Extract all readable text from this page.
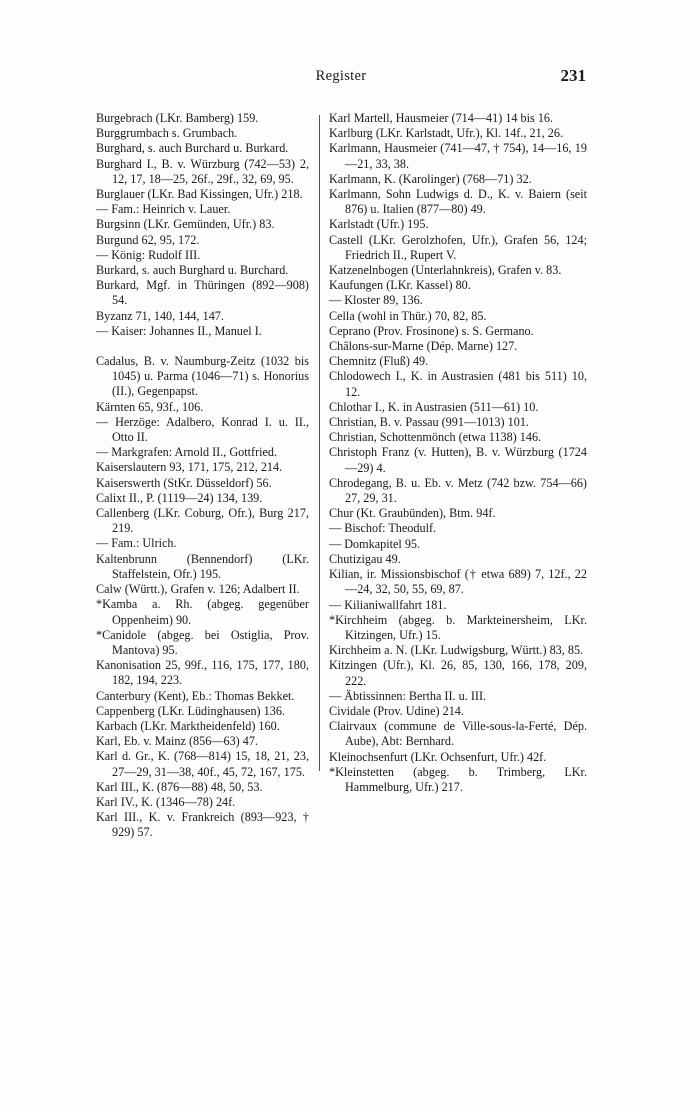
Register	231
Burgebrach (LKr. Bamberg) 159.
Burggrumbach s. Grumbach.
Burghard, s. auch Burchard u. Burkard.
Burghard I., B. v. Würzburg (742—53) 2, 12, 17, 18—25, 26f., 29f., 32, 69, 95.
Burglauer (LKr. Bad Kissingen, Ufr.) 218.
— Fam.: Heinrich v. Lauer.
Burgsinn (LKr. Gemünden, Ufr.) 83.
Burgund 62, 95, 172.
— König: Rudolf III.
Burkard, s. auch Burghard u. Burchard.
Burkard, Mgf. in Thüringen (892—908) 54.
Byzanz 71, 140, 144, 147.
— Kaiser: Johannes II., Manuel I.
Cadalus, B. v. Naumburg-Zeitz (1032 bis 1045) u. Parma (1046—71) s. Honorius (II.), Gegenpapst.
Kärnten 65, 93f., 106.
— Herzöge: Adalbero, Konrad I. u. II., Otto II.
— Markgrafen: Arnold II., Gottfried.
Kaiserslautern 93, 171, 175, 212, 214.
Kaiserswerth (StKr. Düsseldorf) 56.
Calixt II., P. (1119—24) 134, 139.
Callenberg (LKr. Coburg, Ofr.), Burg 217, 219.
— Fam.: Ulrich.
Kaltenbrunn (Bennendorf) (LKr. Staffelstein, Ofr.) 195.
Calw (Württ.), Grafen v. 126; Adalbert II.
*Kamba a. Rh. (abgeg. gegenüber Oppenheim) 90.
*Canidole (abgeg. bei Ostiglia, Prov. Mantova) 95.
Kanonisation 25, 99f., 116, 175, 177, 180, 182, 194, 223.
Canterbury (Kent), Eb.: Thomas Bekket.
Cappenberg (LKr. Lüdinghausen) 136.
Karbach (LKr. Marktheidenfeld) 160.
Karl, Eb. v. Mainz (856—63) 47.
Karl d. Gr., K. (768—814) 15, 18, 21, 23, 27—29, 31—38, 40f., 45, 72, 167, 175.
Karl III., K. (876—88) 48, 50, 53.
Karl IV., K. (1346—78) 24f.
Karl III., K. v. Frankreich (893—923, † 929) 57.
Karl Martell, Hausmeier (714—41) 14 bis 16.
Karlburg (LKr. Karlstadt, Ufr.), Kl. 14f., 21, 26.
Karlmann, Hausmeier (741—47, † 754), 14—16, 19—21, 33, 38.
Karlmann, K. (Karolinger) (768—71) 32.
Karlmann, Sohn Ludwigs d. D., K. v. Baiern (seit 876) u. Italien (877—80) 49.
Karlstadt (Ufr.) 195.
Castell (LKr. Gerolzhofen, Ufr.), Grafen 56, 124; Friedrich II., Rupert V.
Katzenelnbogen (Unterlahnkreis), Grafen v. 83.
Kaufungen (LKr. Kassel) 80.
— Kloster 89, 136.
Cella (wohl in Thür.) 70, 82, 85.
Ceprano (Prov. Frosinone) s. S. Germano.
Châlons-sur-Marne (Dép. Marne) 127.
Chemnitz (Fluß) 49.
Chlodowech I., K. in Austrasien (481 bis 511) 10, 12.
Chlothar I., K. in Austrasien (511—61) 10.
Christian, B. v. Passau (991—1013) 101.
Christian, Schottenmönch (etwa 1138) 146.
Christoph Franz (v. Hutten), B. v. Würzburg (1724—29) 4.
Chrodegang, B. u. Eb. v. Metz (742 bzw. 754—66) 27, 29, 31.
Chur (Kt. Graubünden), Btm. 94f.
— Bischof: Theodulf.
— Domkapitel 95.
Chutizigau 49.
Kilian, ir. Missionsbischof († etwa 689) 7, 12f., 22—24, 32, 50, 55, 69, 87.
— Kilianiwallfahrt 181.
*Kirchheim (abgeg. b. Markteinersheim, LKr. Kitzingen, Ufr.) 15.
Kirchheim a. N. (LKr. Ludwigsburg, Württ.) 83, 85.
Kitzingen (Ufr.), Kl. 26, 85, 130, 166, 178, 209, 222.
— Äbtissinnen: Bertha II. u. III.
Cividale (Prov. Udine) 214.
Clairvaux (commune de Ville-sous-la-Ferté, Dép. Aube), Abt: Bernhard.
Kleinochsenfurt (LKr. Ochsenfurt, Ufr.) 42f.
*Kleinstetten (abgeg. b. Trimberg, LKr. Hammelburg, Ufr.) 217.
